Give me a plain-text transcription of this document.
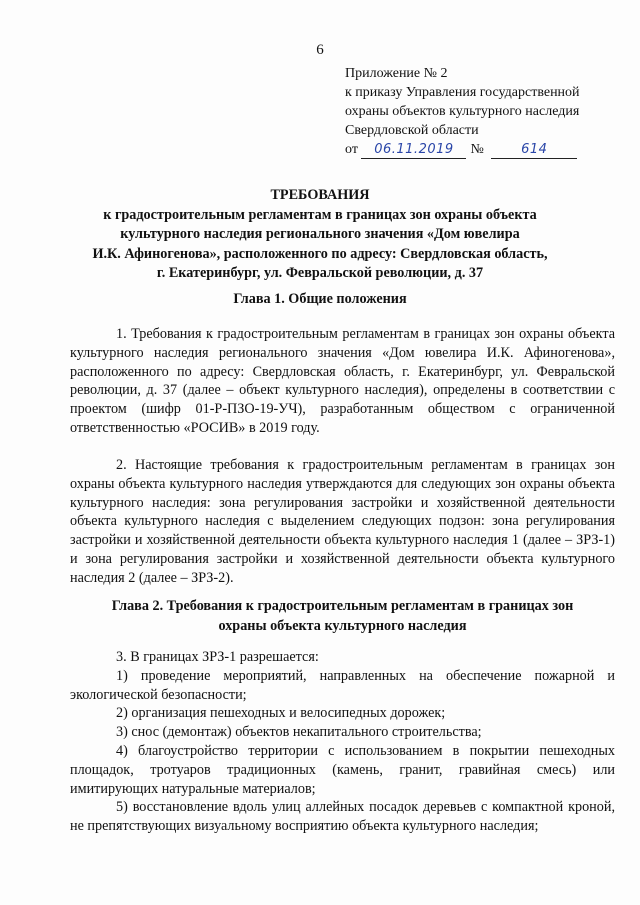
6
Приложение № 2
к приказу Управления государственной
охраны объектов культурного наследия
Свердловской области
от 06.11.2019 №	614
ТРЕБОВАНИЯ
к градостроительным регламентам в границах зон охраны объекта
культурного наследия регионального значения «Дом ювелира
И.К. Афиногенова», расположенного по адресу: Свердловская область,
г. Екатеринбург, ул. Февральской революции, д. 37
Глава 1. Общие положения

1. Требования к градостроительным регламентам в границах зон охраны объекта культурного наследия регионального значения «Дом ювелира И.К. Афиногенова», расположенного по адресу: Свердловская область, г. Екатеринбург, ул. Февральской революции, д. 37 (далее – объект культурного наследия), определены в соответствии с проектом (шифр 01-Р-ПЗО-19-УЧ), разработанным обществом с ограниченной ответственностью «РОСИВ» в 2019 году.

2. Настоящие требования к градостроительным регламентам в границах зон охраны объекта культурного наследия утверждаются для следующих зон охраны объекта культурного наследия: зона регулирования застройки и хозяйственной деятельности объекта культурного наследия с выделением следующих подзон: зона регулирования застройки и хозяйственной деятельности объекта культурного наследия 1 (далее – ЗРЗ-1) и зона регулирования застройки и хозяйственной деятельности объекта культурного наследия 2 (далее – ЗРЗ-2).

Глава 2. Требования к градостроительным регламентам в границах зон
охраны объекта культурного наследия

3. В границах ЗРЗ-1 разрешается:

1) проведение мероприятий, направленных на обеспечение пожарной и экологической безопасности;

2) организация пешеходных и велосипедных дорожек;

3) снос (демонтаж) объектов некапитального строительства;

4) благоустройство территории с использованием в покрытии пешеходных площадок, тротуаров традиционных (камень, гранит, гравийная смесь) или имитирующих натуральные материалов;

5) восстановление вдоль улиц аллейных посадок деревьев с компактной кроной, не препятствующих визуальному восприятию объекта культурного наследия;
